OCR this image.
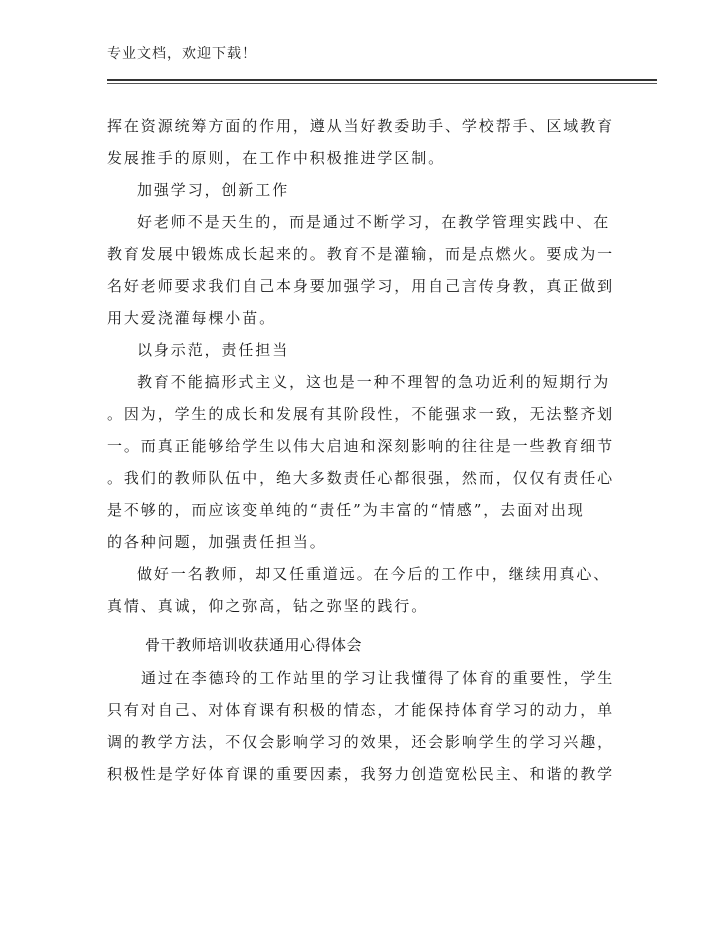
专业文档，欢迎下载！
挥在资源统筹方面的作用，遵从当好教委助手、学校帮手、区域教育
发展推手的原则，在工作中积极推进学区制。
加强学习，创新工作
好老师不是天生的，而是通过不断学习，在教学管理实践中、在
教育发展中锻炼成长起来的。教育不是灌输，而是点燃火。要成为一
名好老师要求我们自己本身要加强学习，用自己言传身教，真正做到
用大爱浇灌每棵小苗。
以身示范，责任担当
教育不能搞形式主义，这也是一种不理智的急功近利的短期行为
。因为，学生的成长和发展有其阶段性，不能强求一致，无法整齐划
一。而真正能够给学生以伟大启迪和深刻影响的往往是一些教育细节
。我们的教师队伍中，绝大多数责任心都很强，然而，仅仅有责任心
是不够的，而应该变单纯的“责任”为丰富的“情感”，去面对出现
的各种问题，加强责任担当。
做好一名教师，却又任重道远。在今后的工作中，继续用真心、
真情、真诚，仰之弥高，钻之弥坚的践行。
骨干教师培训收获通用心得体会
通过在李德玲的工作站里的学习让我懂得了体育的重要性，学生
只有对自己、对体育课有积极的情态，才能保持体育学习的动力，单
调的教学方法，不仅会影响学习的效果，还会影响学生的学习兴趣，
积极性是学好体育课的重要因素，我努力创造宽松民主、和谐的教学
